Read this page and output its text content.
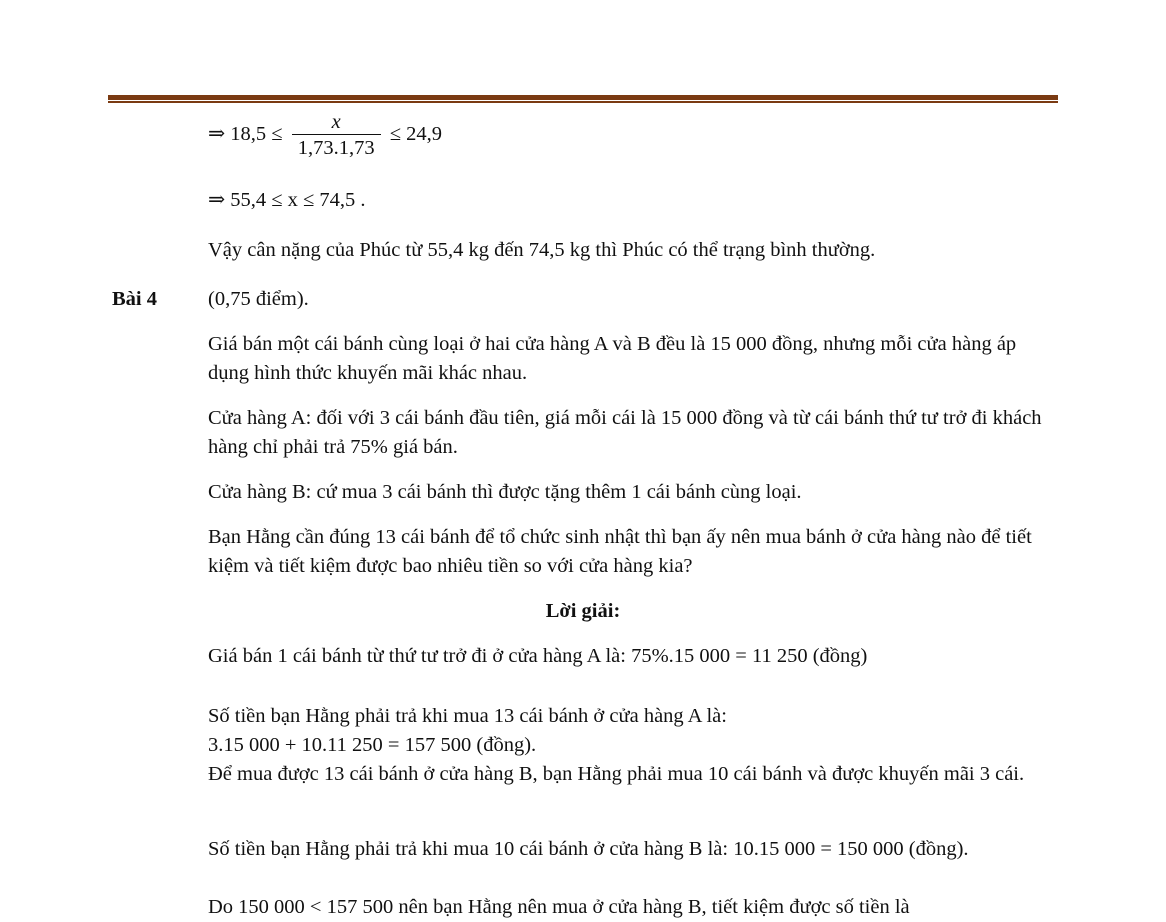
⇒ $18,5 \le \frac{x}{1,73.1,73} \le 24,9$
⇒ 55,4 ≤ x ≤ 74,5 .
Vậy cân nặng của Phúc từ 55,4 kg đến 74,5 kg thì Phúc có thể trạng bình thường.
Bài 4 (0,75 điểm).
Giá bán một cái bánh cùng loại ở hai cửa hàng A và B đều là 15 000 đồng, nhưng mỗi cửa hàng áp dụng hình thức khuyến mãi khác nhau.
Cửa hàng A: đối với 3 cái bánh đầu tiên, giá mỗi cái là 15 000 đồng và từ cái bánh thứ tư trở đi khách hàng chỉ phải trả 75% giá bán.
Cửa hàng B: cứ mua 3 cái bánh thì được tặng thêm 1 cái bánh cùng loại.
Bạn Hằng cần đúng 13 cái bánh để tổ chức sinh nhật thì bạn ấy nên mua bánh ở cửa hàng nào để tiết kiệm và tiết kiệm được bao nhiêu tiền so với cửa hàng kia?
Lời giải:
Giá bán 1 cái bánh từ thứ tư trở đi ở cửa hàng A là: 75%.15 000 = 11 250 (đồng)
Số tiền bạn Hằng phải trả khi mua 13 cái bánh ở cửa hàng A là:
3.15 000 + 10.11 250 = 157 500 (đồng).
Để mua được 13 cái bánh ở cửa hàng B, bạn Hằng phải mua 10 cái bánh và được khuyến mãi 3 cái.
Số tiền bạn Hằng phải trả khi mua 10 cái bánh ở cửa hàng B là: 10.15 000 = 150 000 (đồng).
Do 150 000 < 157 500 nên bạn Hằng nên mua ở cửa hàng B, tiết kiệm được số tiền là
